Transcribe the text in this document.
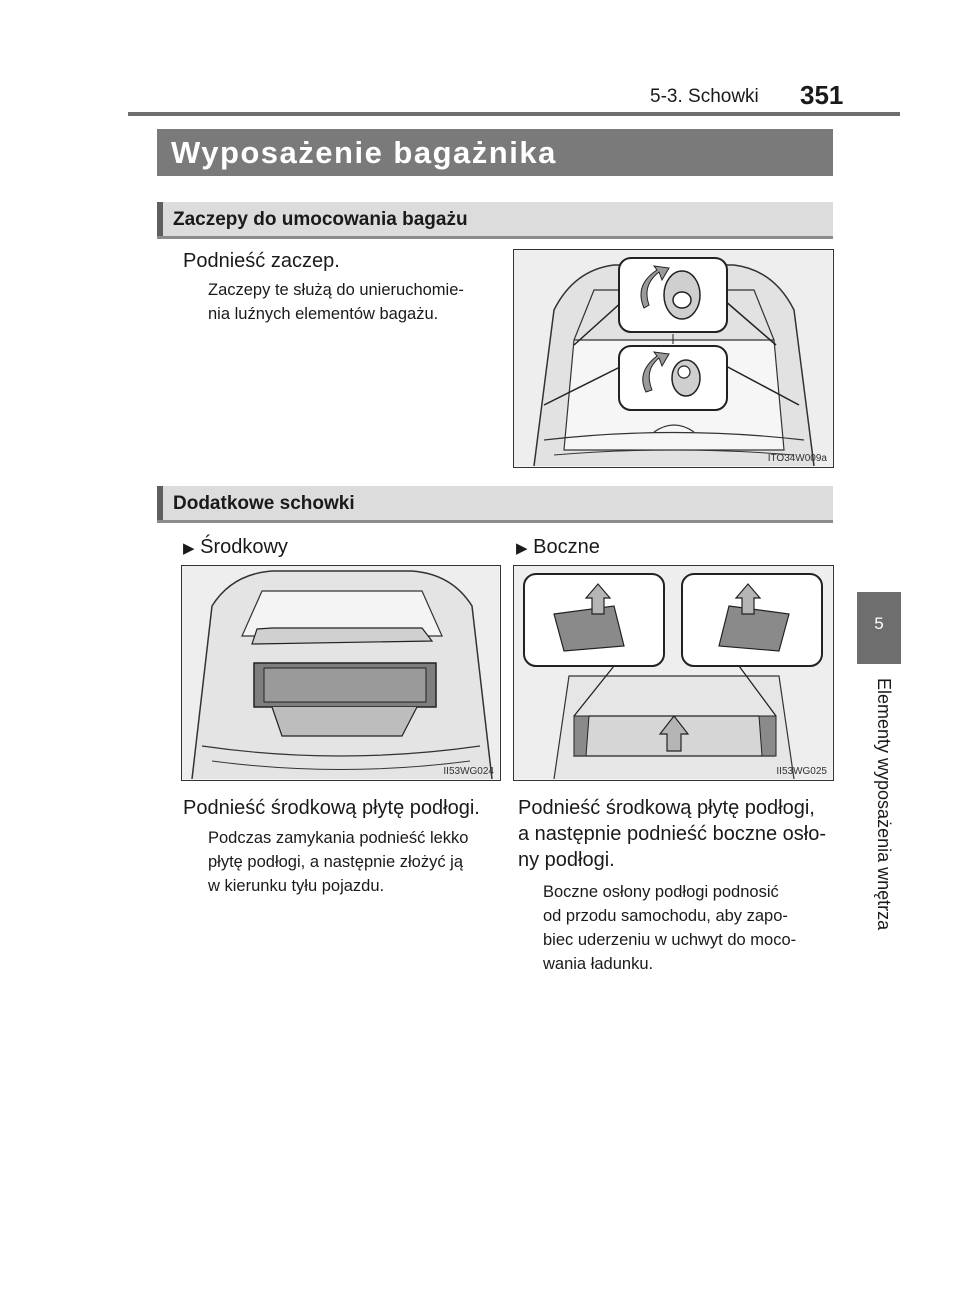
5-3. Schowki 351
Wyposażenie bagażnika
5
Elementy wyposażenia wnętrza
Zaczepy do umocowania bagażu
Podnieść zaczep.
Zaczepy te służą do unieruchomie-
nia luźnych elementów bagażu.
ITO34W009a
Dodatkowe schowki
▶ Środkowy	▶ Boczne
II53WG024	II53WG025
Podnieść środkową płytę podłogi.
Podczas zamykania podnieść lekko
płytę podłogi, a następnie złożyć ją
w kierunku tyłu pojazdu.
Podnieść środkową płytę podłogi,
a następnie podnieść boczne osło-
ny podłogi.
Boczne osłony podłogi podnosić
od przodu samochodu, aby zapo-
biec uderzeniu w uchwyt do moco-
wania ładunku.
